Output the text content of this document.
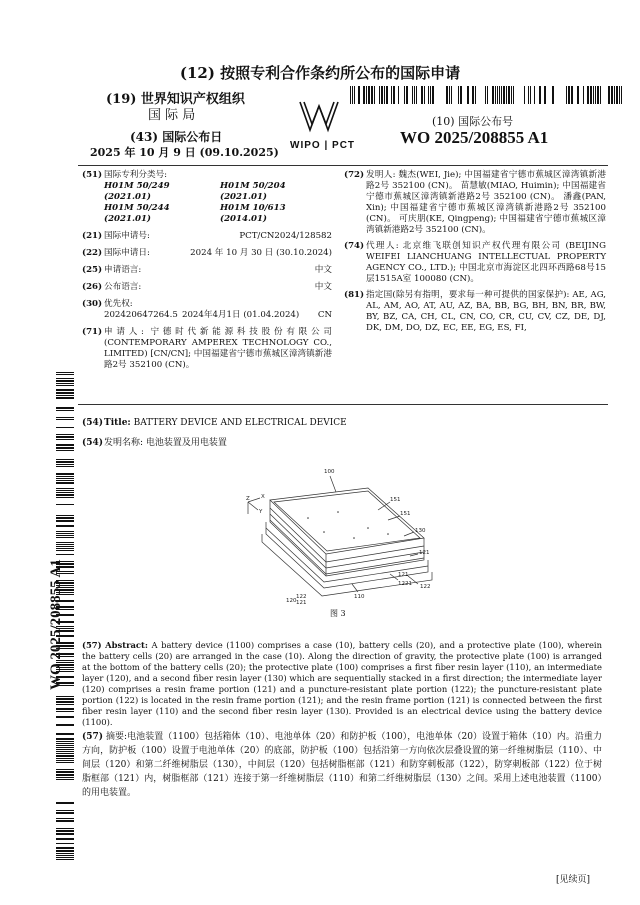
(12) 按照专利合作条约所公布的国际申请
(19) 世界知识产权组织
国 际 局
(43) 国际公布日
2025 年 10 月 9 日 (09.10.2025)
WIPO | PCT
(10) 国际公布号
WO 2025/208855 A1
(51) 国际专利分类号:
H01M 50/249 (2021.01)
H01M 50/204 (2021.01)
H01M 50/244 (2021.01)
H01M 10/613 (2014.01)
(21) 国际申请号:	PCT/CN2024/128582
(22) 国际申请日:	2024 年 10 月 30 日 (30.10.2024)
(25) 申请语言:	中文
(26) 公布语言:	中文
(30) 优先权:
202420647264.5 2024年4月1日 (01.04.2024) CN
(71) 申请人: 宁德时代新能源科技股份有限公司 (CONTEMPORARY AMPEREX TECHNOLOGY CO., LIMITED) [CN/CN]; 中国福建省宁德市蕉城区漳湾镇新港路2号 352100 (CN)。
(72) 发明人: 魏杰(WEI, Jie); 中国福建省宁德市蕉城区漳湾镇新港路2号 352100 (CN)。 苗慧敏(MIAO, Huimin); 中国福建省宁德市蕉城区漳湾镇新港路2号 352100 (CN)。 潘鑫(PAN, Xin); 中国福建省宁德市蕉城区漳湾镇新港路2号 352100 (CN)。 可庆朋(KE, Qingpeng); 中国福建省宁德市蕉城区漳湾镇新港路2号 352100 (CN)。
(74) 代理人: 北京维飞联创知识产权代理有限公司 (BEIJING WEIFEI LIANCHUANG INTELLECTUAL PROPERTY AGENCY CO., LTD.); 中国北京市海淀区北四环西路68号15层1515A室 100080 (CN)。
(81) 指定国(除另有指明，要求每一种可提供的国家保护): AE, AG, AL, AM, AO, AT, AU, AZ, BA, BB, BG, BH, BN, BR, BW, BY, BZ, CA, CH, CL, CN, CO, CR, CU, CV, CZ, DE, DJ, DK, DM, DO, DZ, EC, EE, EG, ES, FI,
WO 2025/208855 A1
(54)Title: BATTERY DEVICE AND ELECTRICAL DEVICE
(54)发明名称: 电池装置及用电装置
100
151
Z X
Y	151
130
121
1221 122
121
120
122	110
121
图 3
(57) Abstract: A battery device (1100) comprises a case (10), battery cells (20), and a protective plate (100), wherein the battery cells (20) are arranged in the case (10). Along the direction of gravity, the protective plate (100) is arranged at the bottom of the battery cells (20); the protective plate (100) comprises a first fiber resin layer (110), an intermediate layer (120), and a second fiber resin layer (130) which are sequentially stacked in a first direction; the intermediate layer (120) comprises a resin frame portion (121) and a puncture-resistant plate portion (122); the puncture-resistant plate portion (122) is located in the resin frame portion (121); and the resin frame portion (121) is connected between the first fiber resin layer (110) and the second fiber resin layer (130). Provided is an electrical device using the battery device (1100).
(57) 摘要:电池装置（1100）包括箱体（10）、电池单体（20）和防护板（100），电池单体（20）设置于箱体（10）内。沿重力方向，防护板（100）设置于电池单体（20）的底部，防护板（100）包括沿第一方向依次层叠设置的第一纤维树脂层（110）、中间层（120）和第二纤维树脂层（130），中间层（120）包括树脂框部（121）和防穿刺板部（122），防穿刺板部（122）位于树脂框部（121）内，树脂框部（121）连接于第一纤维树脂层（110）和第二纤维树脂层（130）之间。采用上述电池装置（1100）的用电装置。
[见续页]
